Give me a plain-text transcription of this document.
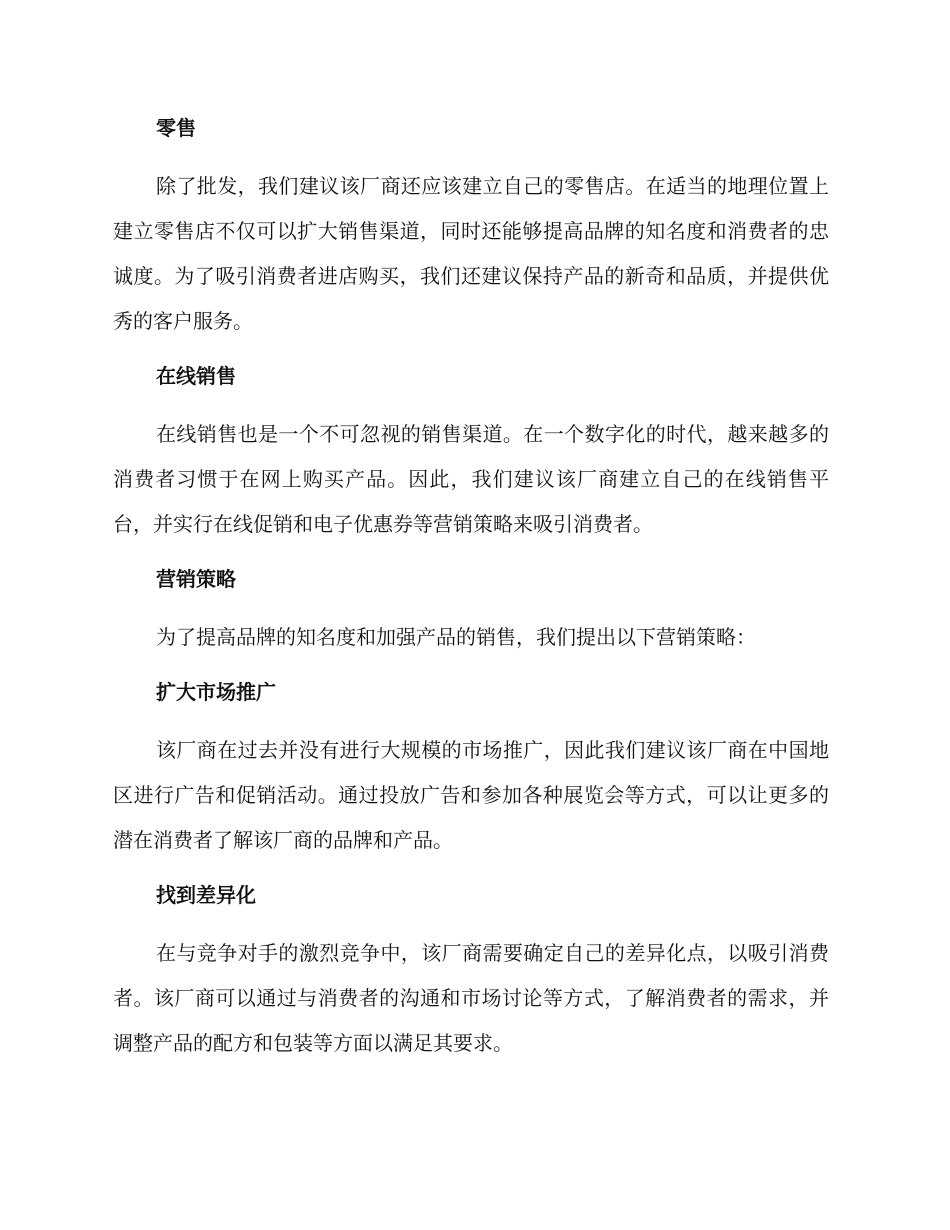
零售

除了批发，我们建议该厂商还应该建立自己的零售店。在适当的地理位置上建立零售店不仅可以扩大销售渠道，同时还能够提高品牌的知名度和消费者的忠诚度。为了吸引消费者进店购买，我们还建议保持产品的新奇和品质，并提供优秀的客户服务。

在线销售

在线销售也是一个不可忽视的销售渠道。在一个数字化的时代，越来越多的消费者习惯于在网上购买产品。因此，我们建议该厂商建立自己的在线销售平台，并实行在线促销和电子优惠券等营销策略来吸引消费者。

营销策略

为了提高品牌的知名度和加强产品的销售，我们提出以下营销策略：

扩大市场推广

该厂商在过去并没有进行大规模的市场推广，因此我们建议该厂商在中国地区进行广告和促销活动。通过投放广告和参加各种展览会等方式，可以让更多的潜在消费者了解该厂商的品牌和产品。

找到差异化

在与竞争对手的激烈竞争中，该厂商需要确定自己的差异化点，以吸引消费者。该厂商可以通过与消费者的沟通和市场讨论等方式，了解消费者的需求，并调整产品的配方和包装等方面以满足其要求。
